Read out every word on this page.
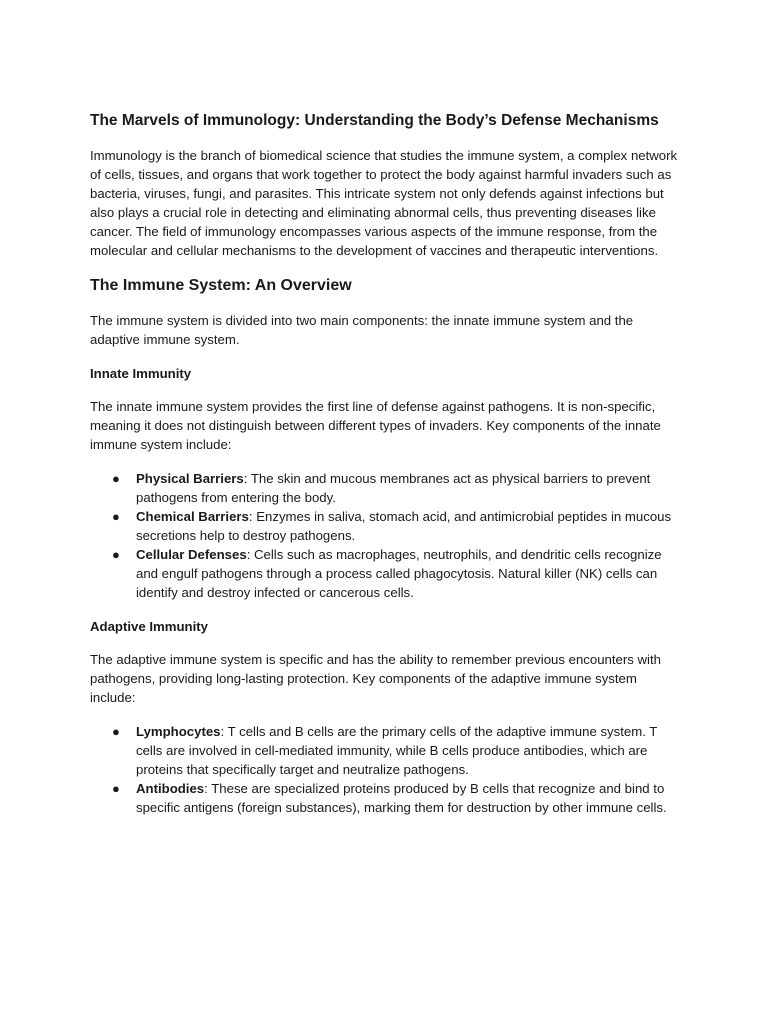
The Marvels of Immunology: Understanding the Body’s Defense Mechanisms

Immunology is the branch of biomedical science that studies the immune system, a complex network of cells, tissues, and organs that work together to protect the body against harmful invaders such as bacteria, viruses, fungi, and parasites. This intricate system not only defends against infections but also plays a crucial role in detecting and eliminating abnormal cells, thus preventing diseases like cancer. The field of immunology encompasses various aspects of the immune response, from the molecular and cellular mechanisms to the development of vaccines and therapeutic interventions.

The Immune System: An Overview

The immune system is divided into two main components: the innate immune system and the adaptive immune system.

Innate Immunity

The innate immune system provides the first line of defense against pathogens. It is non-specific, meaning it does not distinguish between different types of invaders. Key components of the innate immune system include:

● Physical Barriers: The skin and mucous membranes act as physical barriers to prevent pathogens from entering the body.
● Chemical Barriers: Enzymes in saliva, stomach acid, and antimicrobial peptides in mucous secretions help to destroy pathogens.
● Cellular Defenses: Cells such as macrophages, neutrophils, and dendritic cells recognize and engulf pathogens through a process called phagocytosis. Natural killer (NK) cells can identify and destroy infected or cancerous cells.
Adaptive Immunity

The adaptive immune system is specific and has the ability to remember previous encounters with pathogens, providing long-lasting protection. Key components of the adaptive immune system include:

● Lymphocytes: T cells and B cells are the primary cells of the adaptive immune system. T cells are involved in cell-mediated immunity, while B cells produce antibodies, which are proteins that specifically target and neutralize pathogens.
● Antibodies: These are specialized proteins produced by B cells that recognize and bind to specific antigens (foreign substances), marking them for destruction by other immune cells.
